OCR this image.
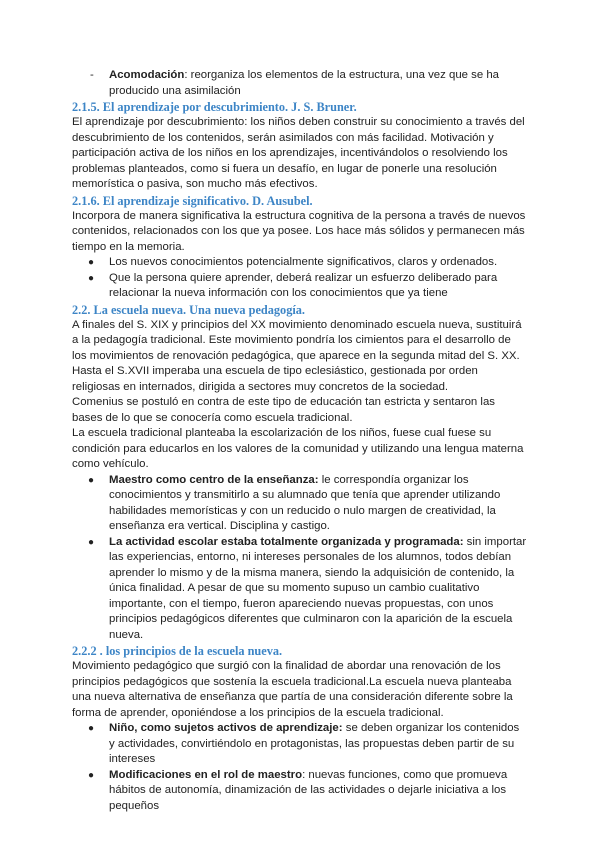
- Acomodación: reorganiza los elementos de la estructura, una vez que se ha producido una asimilación
2.1.5. El aprendizaje por descubrimiento. J. S. Bruner.

El aprendizaje por descubrimiento: los niños deben construir su conocimiento a través del descubrimiento de los contenidos, serán asimilados con más facilidad. Motivación y participación activa de los niños en los aprendizajes, incentivándolos o resolviendo los problemas planteados, como si fuera un desafío, en lugar de ponerle una resolución memorística o pasiva, son mucho más efectivos.

2.1.6. El aprendizaje significativo. D. Ausubel.

Incorpora de manera significativa la estructura cognitiva de la persona a través de nuevos contenidos, relacionados con los que ya posee. Los hace más sólidos y permanecen más tiempo en la memoria.

● Los nuevos conocimientos potencialmente significativos, claros y ordenados.
● Que la persona quiere aprender, deberá realizar un esfuerzo deliberado para relacionar la nueva información con los conocimientos que ya tiene
2.2. La escuela nueva. Una nueva pedagogía.

A finales del S. XIX y principios del XX movimiento denominado escuela nueva, sustituirá a la pedagogía tradicional. Este movimiento pondría los cimientos para el desarrollo de los movimientos de renovación pedagógica, que aparece en la segunda mitad del S. XX.

Hasta el S.XVII imperaba una escuela de tipo eclesiástico, gestionada por orden religiosas en internados, dirigida a sectores muy concretos de la sociedad.

Comenius se postuló en contra de este tipo de educación tan estricta y sentaron las bases de lo que se conocería como escuela tradicional.

La escuela tradicional planteaba la escolarización de los niños, fuese cual fuese su condición para educarlos en los valores de la comunidad y utilizando una lengua materna como vehículo.

● Maestro como centro de la enseñanza: le correspondía organizar los conocimientos y transmitirlo a su alumnado que tenía que aprender utilizando habilidades memorísticas y con un reducido o nulo margen de creatividad, la enseñanza era vertical. Disciplina y castigo.
● La actividad escolar estaba totalmente organizada y programada: sin importar las experiencias, entorno, ni intereses personales de los alumnos, todos debían aprender lo mismo y de la misma manera, siendo la adquisición de contenido, la única finalidad. A pesar de que su momento supuso un cambio cualitativo importante, con el tiempo, fueron apareciendo nuevas propuestas, con unos principios pedagógicos diferentes que culminaron con la aparición de la escuela nueva.
2.2.2 . los principios de la escuela nueva.

Movimiento pedagógico que surgió con la finalidad de abordar una renovación de los principios pedagógicos que sostenía la escuela tradicional.La escuela nueva planteaba una nueva alternativa de enseñanza que partía de una consideración diferente sobre la forma de aprender, oponiéndose a los principios de la escuela tradicional.

● Niño, como sujetos activos de aprendizaje: se deben organizar los contenidos y actividades, convirtiéndolo en protagonistas, las propuestas deben partir de su intereses
● Modificaciones en el rol de maestro: nuevas funciones, como que promueva hábitos de autonomía, dinamización de las actividades o dejarle iniciativa a los pequeños
